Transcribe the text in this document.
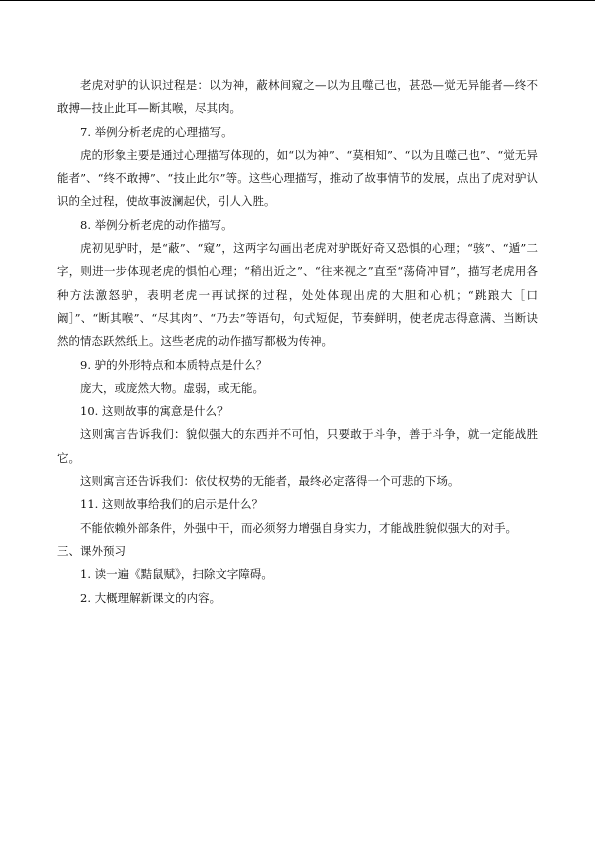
老虎对驴的认识过程是：以为神，蔽林间窥之—以为且噬己也，甚恐—觉无异能者—终不敢搏—技止此耳—断其喉，尽其肉。

7. 举例分析老虎的心理描写。

虎的形象主要是通过心理描写体现的，如“以为神”、“莫相知”、“以为且噬己也”、“觉无异能者”、“终不敢搏”、“技止此尔”等。这些心理描写，推动了故事情节的发展，点出了虎对驴认识的全过程，使故事波澜起伏，引人入胜。

8. 举例分析老虎的动作描写。

虎初见驴时，是“蔽”、“窥”，这两字勾画出老虎对驴既好奇又恐惧的心理；“骇”、“遁”二字，则进一步体现老虎的惧怕心理；“稍出近之”、“往来视之”直至“荡倚冲冒”，描写老虎用各种方法激怒驴，表明老虎一再试探的过程，处处体现出虎的大胆和心机；“跳踉大［口阚］”、“断其喉”、“尽其肉”、“乃去”等语句，句式短促，节奏鲜明，使老虎志得意满、当断诀然的情态跃然纸上。这些老虎的动作描写都极为传神。

9. 驴的外形特点和本质特点是什么？

庞大，或庞然大物。虚弱，或无能。

10. 这则故事的寓意是什么？

这则寓言告诉我们：貌似强大的东西并不可怕，只要敢于斗争，善于斗争，就一定能战胜它。

这则寓言还告诉我们：依仗权势的无能者，最终必定落得一个可悲的下场。

11. 这则故事给我们的启示是什么？

不能依赖外部条件，外强中干，而必须努力增强自身实力，才能战胜貌似强大的对手。

三、课外预习

1. 读一遍《黠鼠赋》，扫除文字障碍。

2. 大概理解新课文的内容。
